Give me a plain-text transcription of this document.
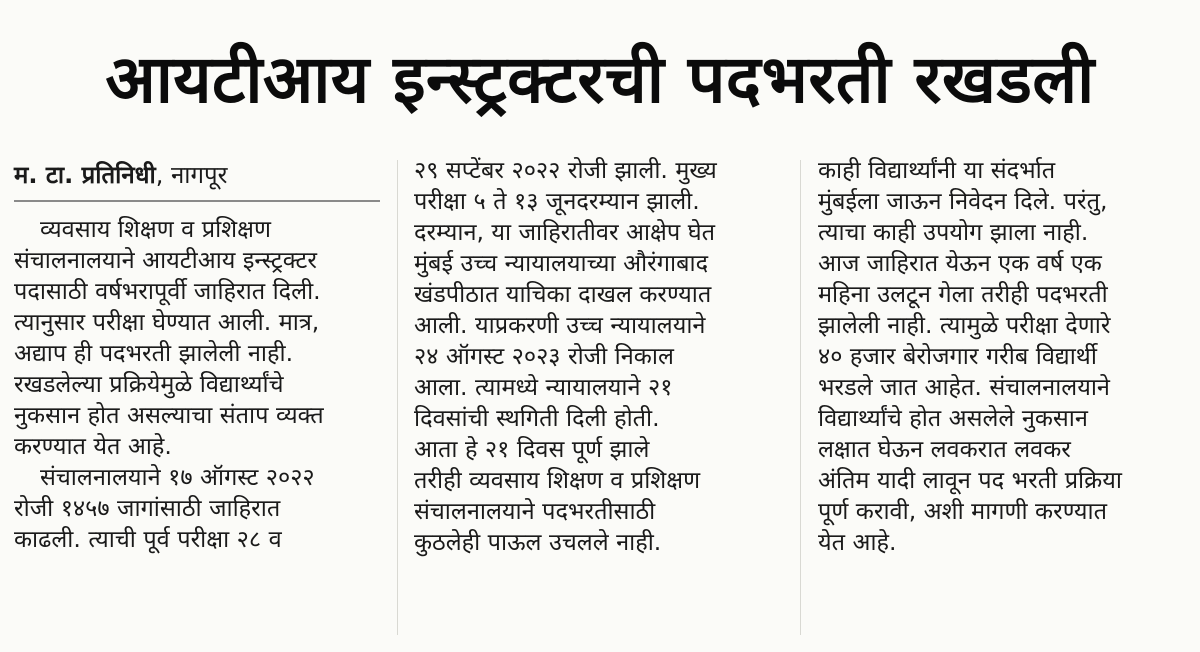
आयटीआय इन्स्ट्रक्टरची पदभरती रखडली
म. टा. प्रतिनिधी, नागपूर

व्यवसाय शिक्षण व प्रशिक्षण

संचालनालयाने आयटीआय इन्स्ट्रक्टर

पदासाठी वर्षभरापूर्वी जाहिरात दिली.

त्यानुसार परीक्षा घेण्यात आली. मात्र,

अद्याप ही पदभरती झालेली नाही.

रखडलेल्या प्रक्रियेमुळे विद्यार्थ्यांचे

नुकसान होत असल्याचा संताप व्यक्त

करण्यात येत आहे.

संचालनालयाने १७ ऑगस्ट २०२२

रोजी १४५७ जागांसाठी जाहिरात

काढली. त्याची पूर्व परीक्षा २८ व

२९ सप्टेंबर २०२२ रोजी झाली. मुख्य

परीक्षा ५ ते १३ जूनदरम्यान झाली.

दरम्यान, या जाहिरातीवर आक्षेप घेत

मुंबई उच्च न्यायालयाच्या औरंगाबाद

खंडपीठात याचिका दाखल करण्यात

आली. याप्रकरणी उच्च न्यायालयाने

२४ ऑगस्ट २०२३ रोजी निकाल

आला. त्यामध्ये न्यायालयाने २१

दिवसांची स्थगिती दिली होती.

आता हे २१ दिवस पूर्ण झाले

तरीही व्यवसाय शिक्षण व प्रशिक्षण

संचालनालयाने पदभरतीसाठी

कुठलेही पाऊल उचलले नाही.

काही विद्यार्थ्यांनी या संदर्भात

मुंबईला जाऊन निवेदन दिले. परंतु,

त्याचा काही उपयोग झाला नाही.

आज जाहिरात येऊन एक वर्ष एक

महिना उलटून गेला तरीही पदभरती

झालेली नाही. त्यामुळे परीक्षा देणारे

४० हजार बेरोजगार गरीब विद्यार्थी

भरडले जात आहेत. संचालनालयाने

विद्यार्थ्यांचे होत असलेले नुकसान

लक्षात घेऊन लवकरात लवकर

अंतिम यादी लावून पद भरती प्रक्रिया

पूर्ण करावी, अशी मागणी करण्यात

येत आहे.
